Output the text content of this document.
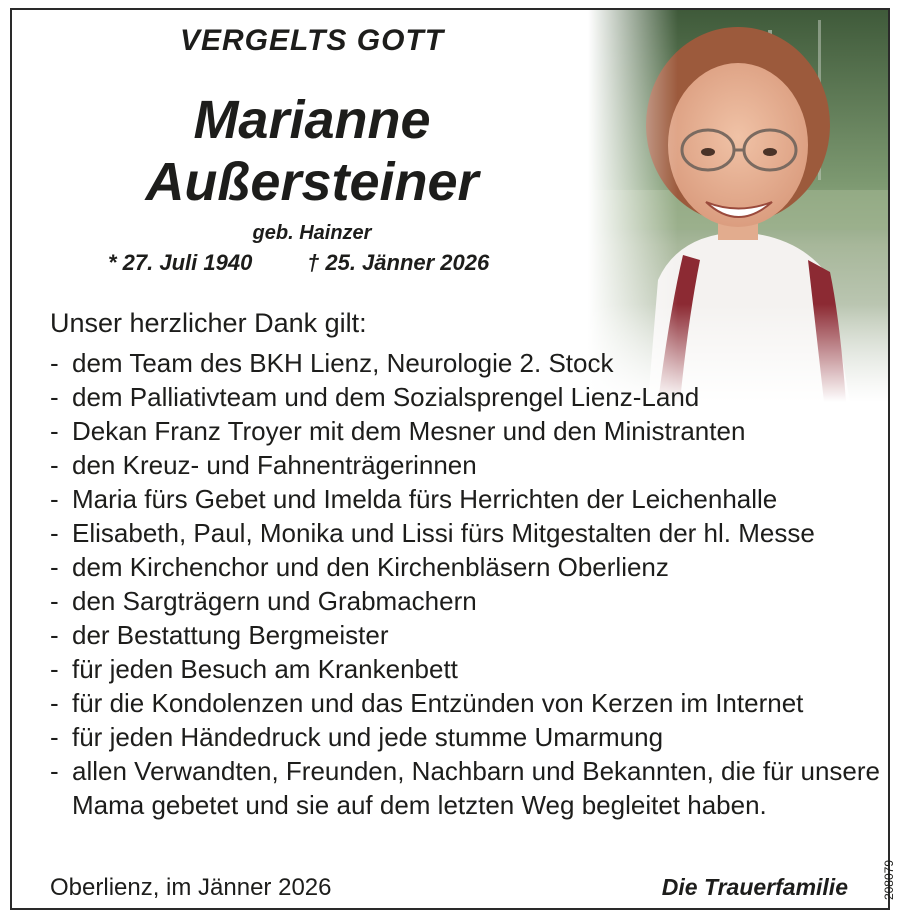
VERGELTS GOTT
Marianne
Außersteiner
geb. Hainzer
* 27. Juli 1940 † 25. Jänner 2026
Unser herzlicher Dank gilt:
- dem Team des BKH Lienz, Neurologie 2. Stock
- dem Palliativteam und dem Sozialsprengel Lienz-Land
- Dekan Franz Troyer mit dem Mesner und den Ministranten
- den Kreuz- und Fahnenträgerinnen
- Maria fürs Gebet und Imelda fürs Herrichten der Leichenhalle
- Elisabeth, Paul, Monika und Lissi fürs Mitgestalten der hl. Messe
- dem Kirchenchor und den Kirchenbläsern Oberlienz
- den Sargträgern und Grabmachern
- der Bestattung Bergmeister
- für jeden Besuch am Krankenbett
- für die Kondolenzen und das Entzünden von Kerzen im Internet
- für jeden Händedruck und jede stumme Umarmung
- allen Verwandten, Freunden, Nachbarn und Bekannten, die für unsere Mama gebetet und sie auf dem letzten Weg begleitet haben.
Oberlienz, im Jänner 2026	Die Trauerfamilie	208079
